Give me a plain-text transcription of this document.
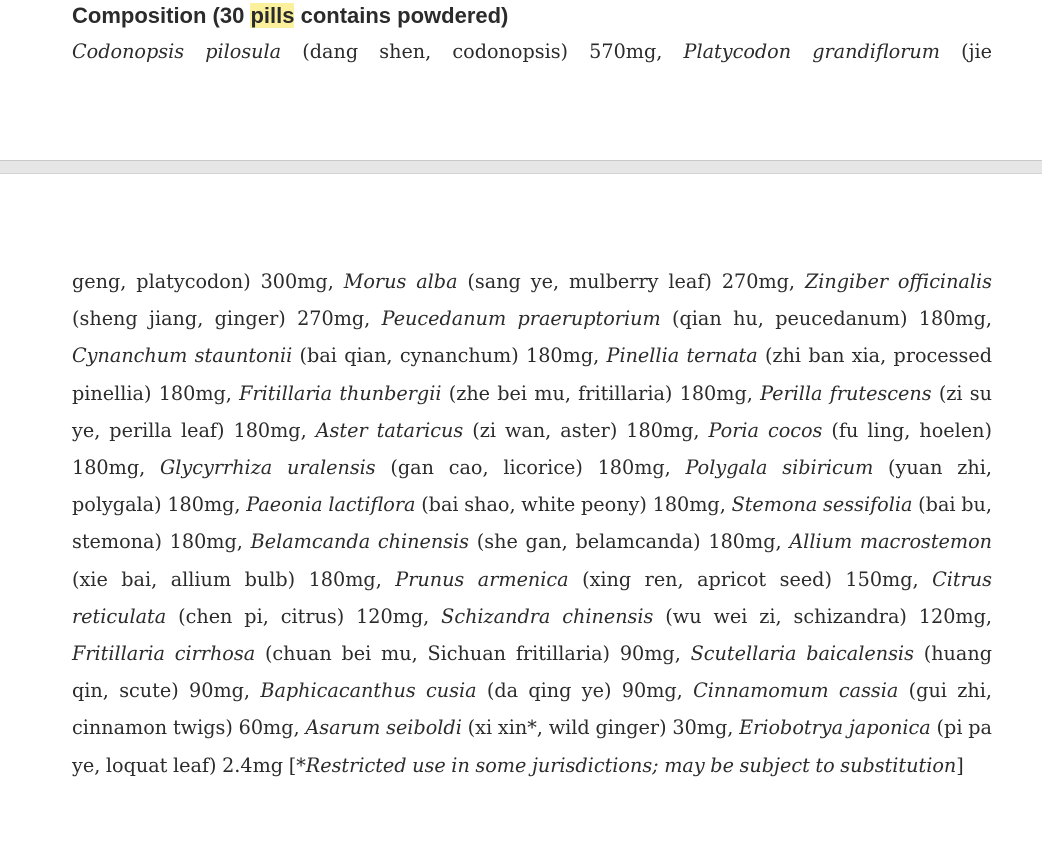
Composition (30 pills contains powdered)

Codonopsis pilosula (dang shen, codonopsis) 570mg, Platycodon grandiflorum (jie

geng, platycodon) 300mg, Morus alba (sang ye, mulberry leaf) 270mg, Zingiber officinalis (sheng jiang, ginger) 270mg, Peucedanum praeruptorium (qian hu, peucedanum) 180mg, Cynanchum stauntonii (bai qian, cynanchum) 180mg, Pinellia ternata (zhi ban xia, processed pinellia) 180mg, Fritillaria thunbergii (zhe bei mu, fritillaria) 180mg, Perilla frutescens (zi su ye, perilla leaf) 180mg, Aster tataricus (zi wan, aster) 180mg, Poria cocos (fu ling, hoelen) 180mg, Glycyrrhiza uralensis (gan cao, licorice) 180mg, Polygala sibiricum (yuan zhi, polygala) 180mg, Paeonia lactiflora (bai shao, white peony) 180mg, Stemona sessifolia (bai bu, stemona) 180mg, Belamcanda chinensis (she gan, belamcanda) 180mg, Allium macrostemon (xie bai, allium bulb) 180mg, Prunus armenica (xing ren, apricot seed) 150mg, Citrus reticulata (chen pi, citrus) 120mg, Schizandra chinensis (wu wei zi, schizandra) 120mg, Fritillaria cirrhosa (chuan bei mu, Sichuan fritillaria) 90mg, Scutellaria baicalensis (huang qin, scute) 90mg, Baphicacanthus cusia (da qing ye) 90mg, Cinnamomum cassia (gui zhi, cinnamon twigs) 60mg, Asarum seiboldi (xi xin*, wild ginger) 30mg, Eriobotrya japonica (pi pa ye, loquat leaf) 2.4mg [*Restricted use in some jurisdictions; may be subject to substitution]
